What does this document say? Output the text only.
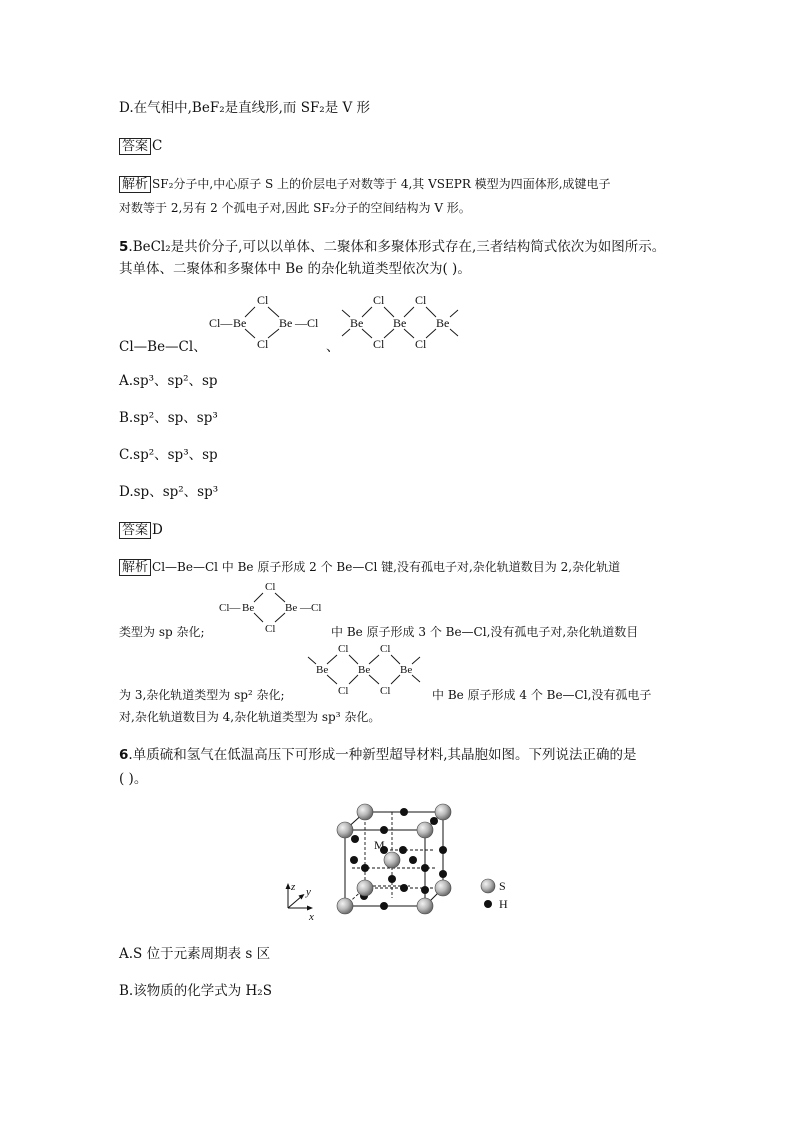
D.在气相中,BeF₂是直线形,而 SF₂是 V 形
答案 C
解析 SF₂分子中,中心原子 S 上的价层电子对数等于 4,其 VSEPR 模型为四面体形,成键电子
对数等于 2,另有 2 个孤电子对,因此 SF₂分子的空间结构为 V 形。
5.BeCl₂是共价分子,可以以单体、二聚体和多聚体形式存在,三者结构简式依次为如图所示。
其单体、二聚体和多聚体中 Be 的杂化轨道类型依次为( )。
Cl—Be—Cl、	、
Cl
Cl— Be	Be —Cl
Cl
Cl	Cl
Be Be Be
Cl	Cl
A.sp³、sp²、sp
B.sp²、sp、sp³
C.sp²、sp³、sp
D.sp、sp²、sp³
答案 D
解析 Cl—Be—Cl 中 Be 原子形成 2 个 Be—Cl 键,没有孤电子对,杂化轨道数目为 2,杂化轨道
Cl
Cl— Be	Be —Cl
Cl
类型为 sp 杂化;	中 Be 原子形成 3 个 Be—Cl,没有孤电子对,杂化轨道数目
Cl	Cl
Be	Be	Be
Cl	Cl
为 3,杂化轨道类型为 sp² 杂化;	中 Be 原子形成 4 个 Be—Cl,没有孤电子
对,杂化轨道数目为 4,杂化轨道类型为 sp³ 杂化。
6.单质硫和氢气在低温高压下可形成一种新型超导材料,其晶胞如图。下列说法正确的是
( )。
M
z y
x
S
H
A.S 位于元素周期表 s 区
B.该物质的化学式为 H₂S
